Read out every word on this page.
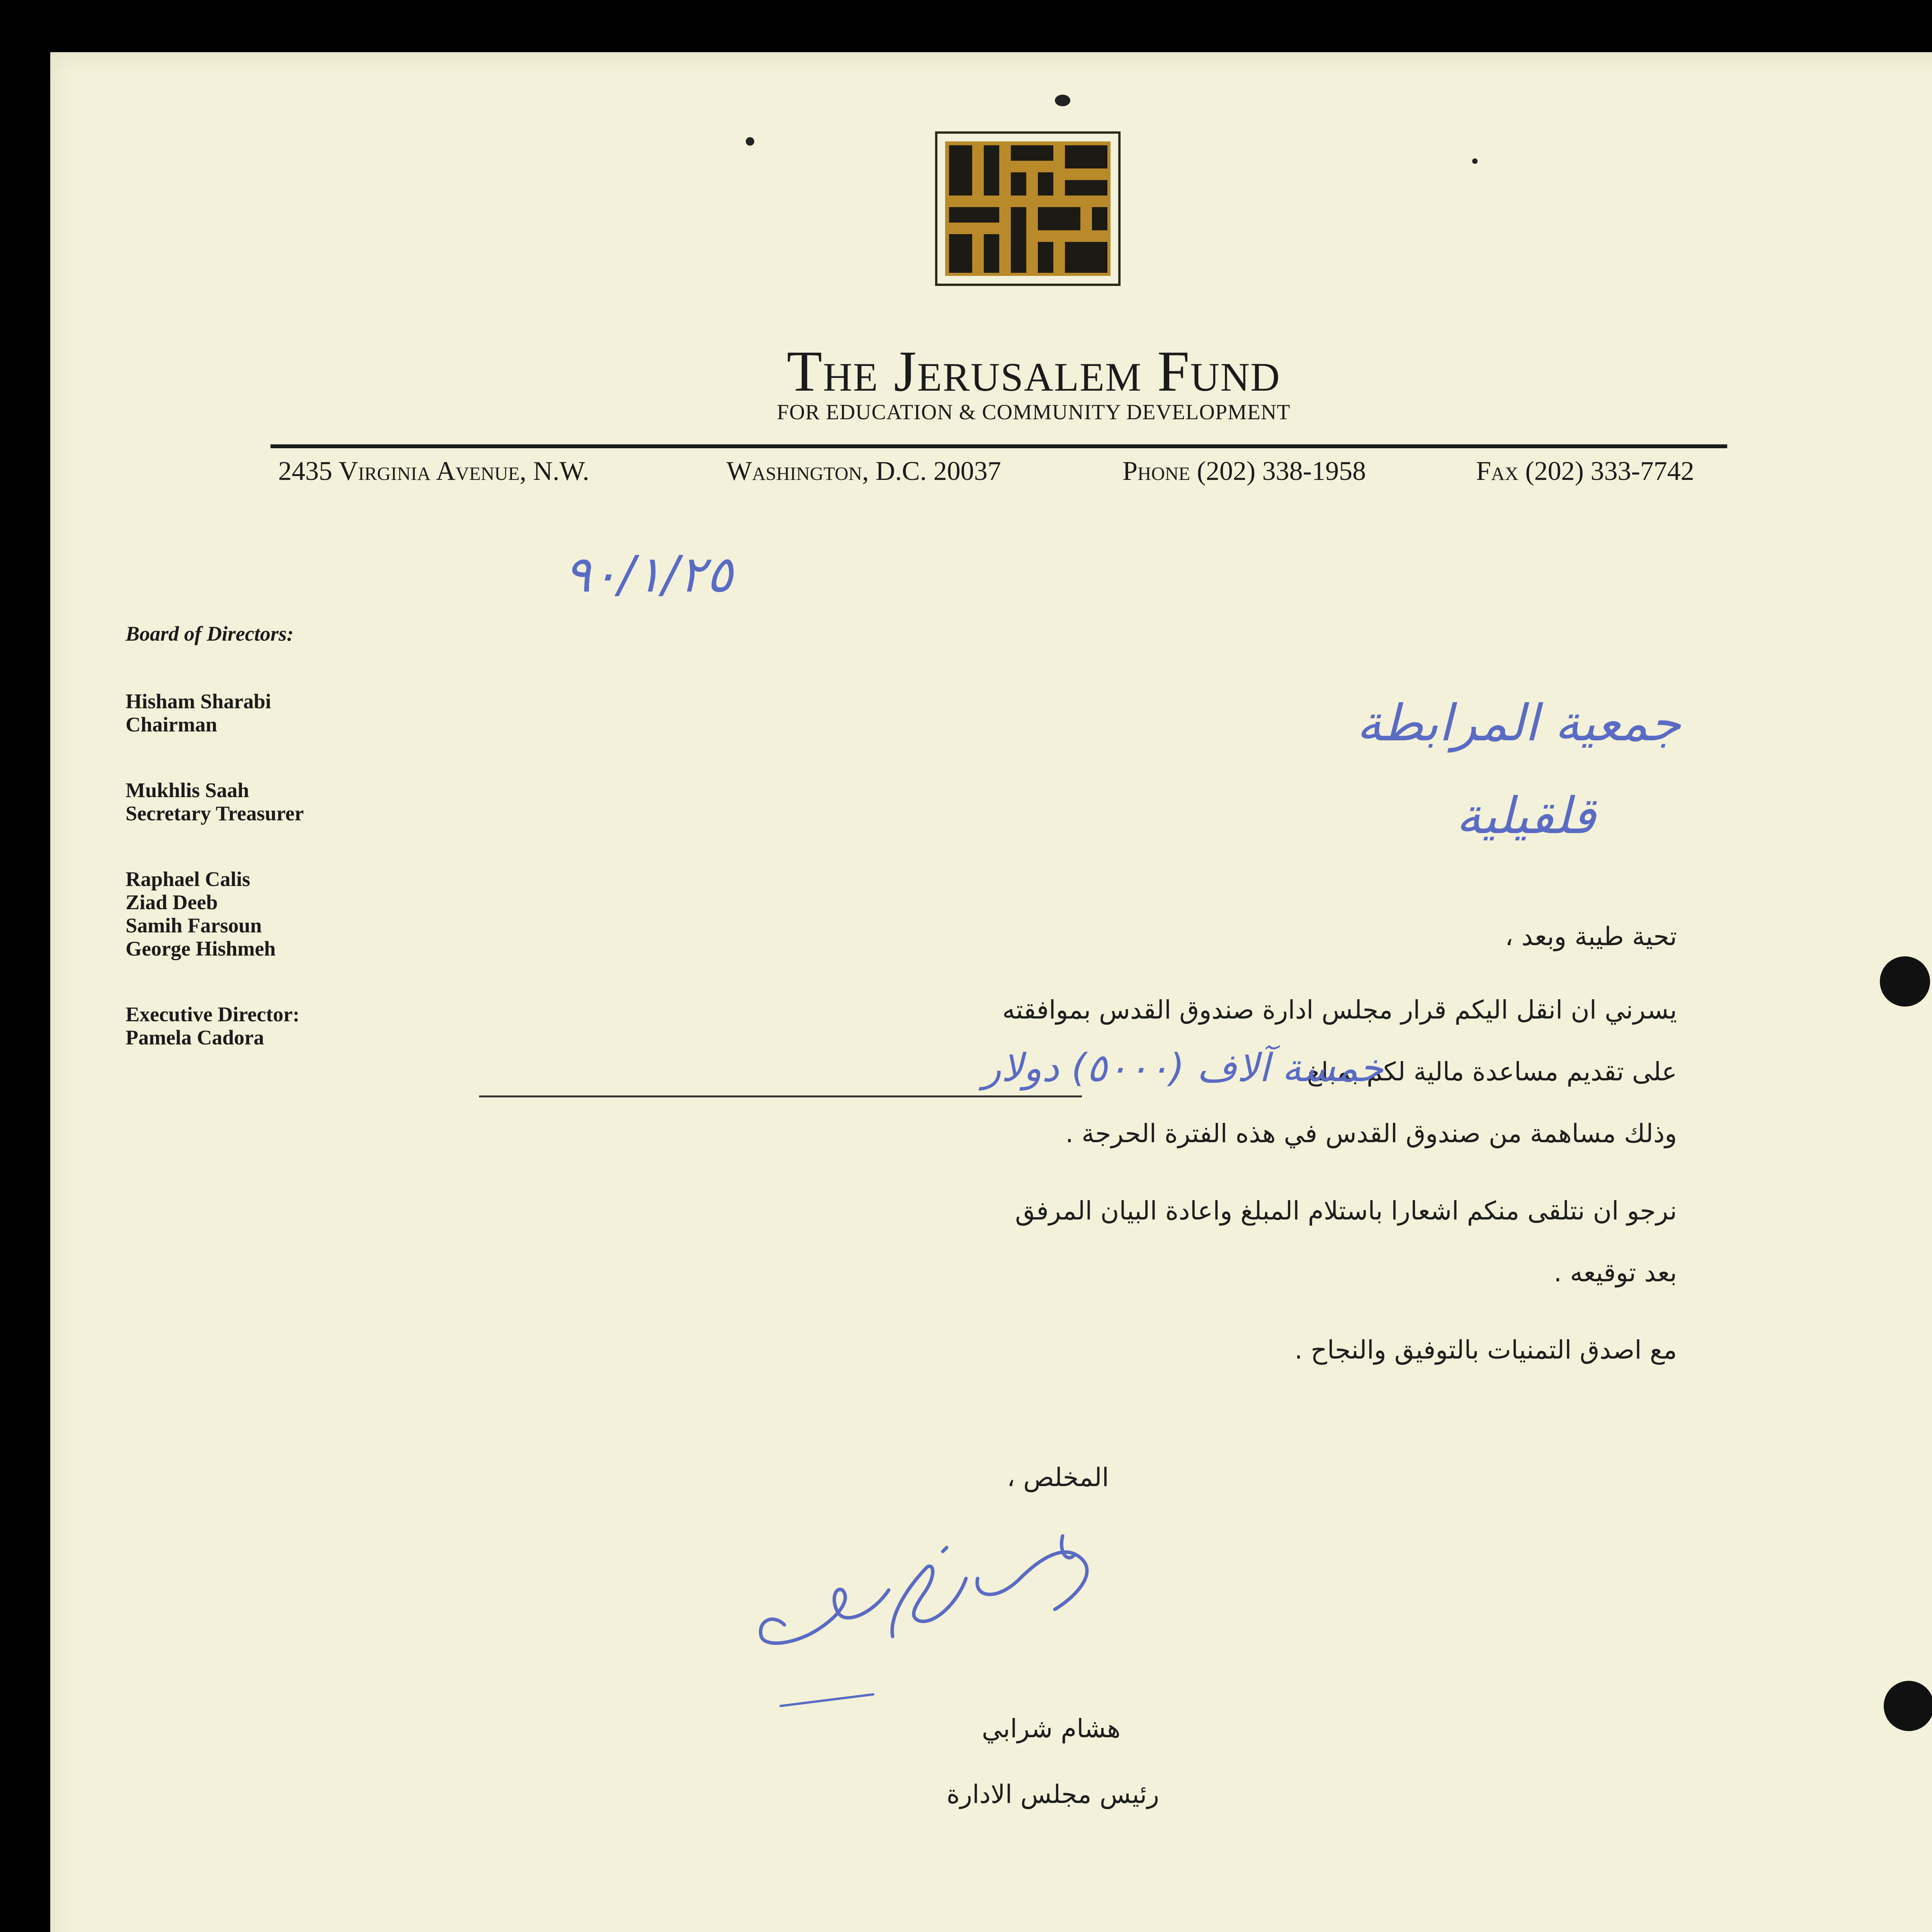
The Jerusalem Fund
FOR EDUCATION & COMMUNITY DEVELOPMENT
2435 Virginia Avenue, N.W.	Washington, D.C. 20037	Phone (202) 338-1958	Fax (202) 333-7742
٩٠/١/٢٥
Board of Directors:
Hisham Sharabi
Chairman
Mukhlis Saah
Secretary Treasurer
Raphael Calis
Ziad Deeb
Samih Farsoun
George Hishmeh
Executive Director:
Pamela Cadora
جمعية المرابطة
قلقيلية
تحية طيبة وبعد ،
يسرني ان انقل اليكم قرار مجلس ادارة صندوق القدس بموافقته
على تقديم مساعدة مالية لكم بمبلغ
خمسة آلاف (٥٠٠٠) دولار
وذلك مساهمة من صندوق القدس في هذه الفترة الحرجة .
نرجو ان نتلقى منكم اشعارا باستلام المبلغ واعادة البيان المرفق
بعد توقيعه .
مع اصدق التمنيات بالتوفيق والنجاح .
المخلص ،
هشام شرابي
رئيس مجلس الادارة
